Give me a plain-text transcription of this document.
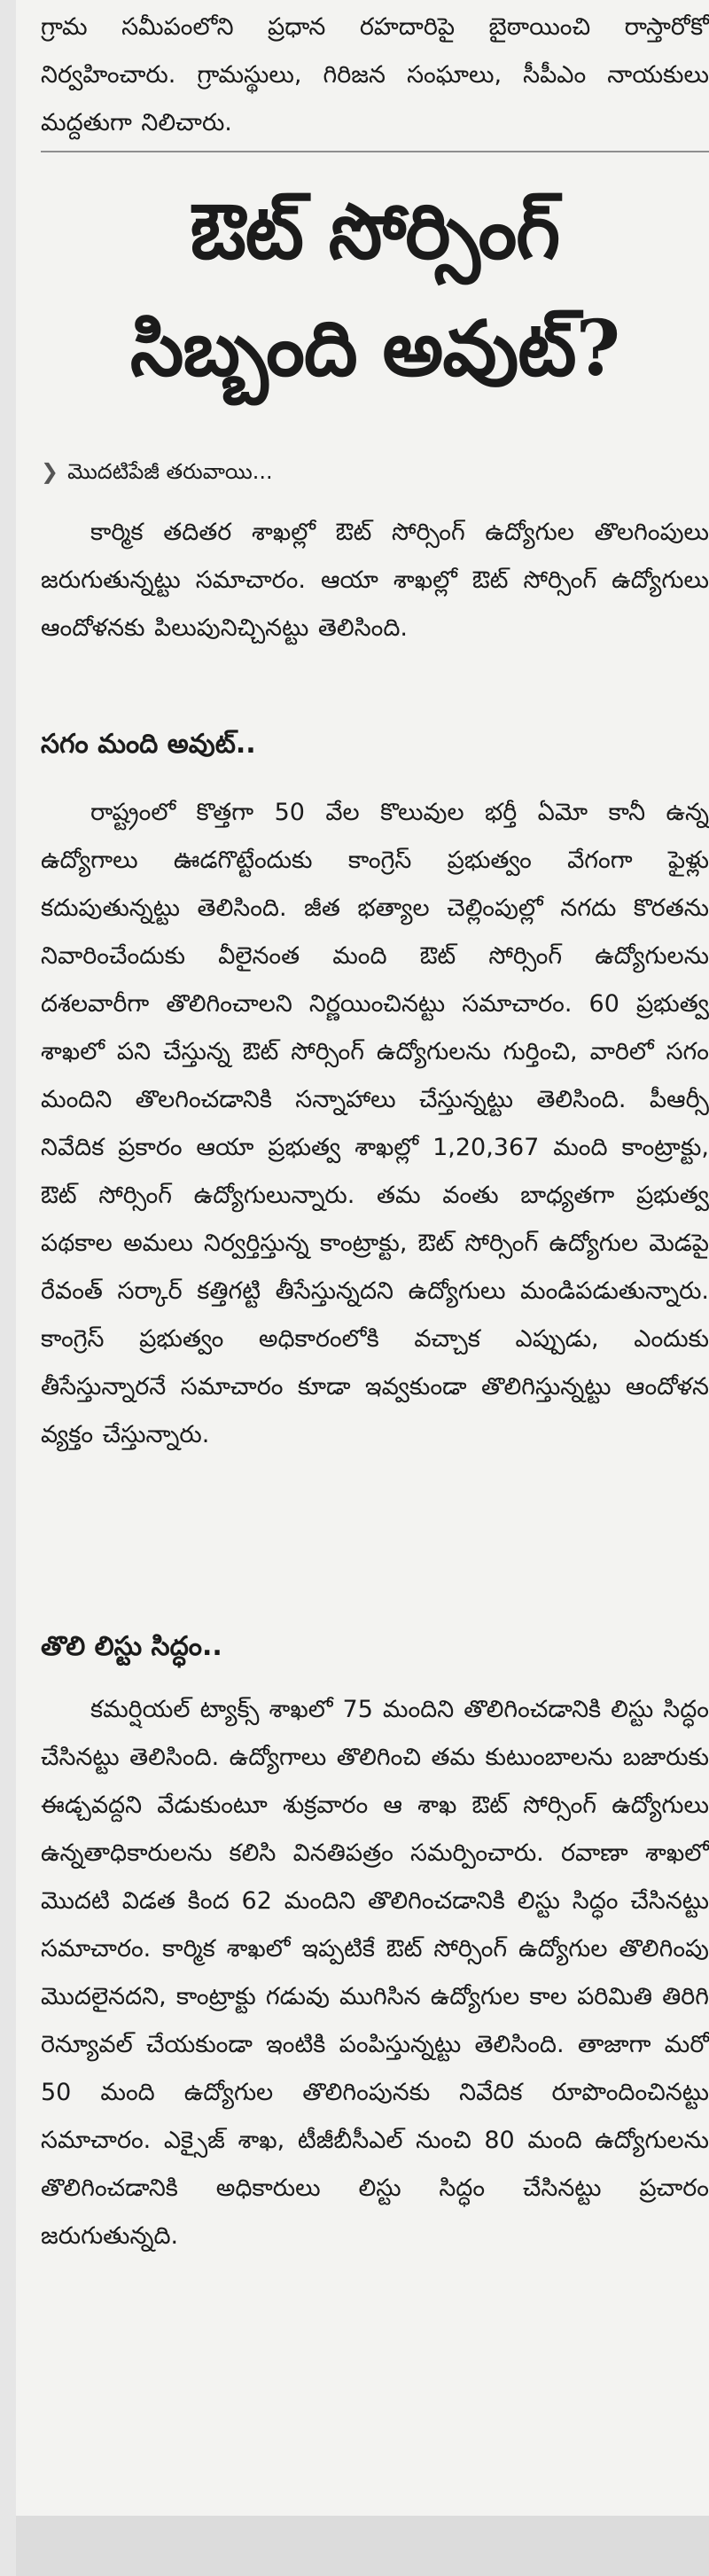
గ్రామ సమీపంలోని ప్రధాన రహదారిపై బైఠాయించి రాస్తారోకో నిర్వహించారు. గ్రామస్థులు, గిరిజన సంఘాలు, సీపీఎం నాయకులు మద్దతుగా నిలిచారు.
ఔట్ సోర్సింగ్
సిబ్బంది అవుట్?
❯ మొదటిపేజీ తరువాయి...
కార్మిక తదితర శాఖల్లో ఔట్ సోర్సింగ్ ఉద్యోగుల తొలగింపులు జరుగుతున్నట్టు సమాచారం. ఆయా శాఖల్లో ఔట్ సోర్సింగ్ ఉద్యోగులు ఆందోళనకు పిలుపునిచ్చినట్టు తెలిసింది.
సగం మంది అవుట్..
రాష్ట్రంలో కొత్తగా 50 వేల కొలువుల భర్తీ ఏమో కానీ ఉన్న ఉద్యోగాలు ఊడగొట్టేందుకు కాంగ్రెస్ ప్రభుత్వం వేగంగా ఫైళ్లు కదుపుతున్నట్టు తెలిసింది. జీత భత్యాల చెల్లింపుల్లో నగదు కొరతను నివారించేందుకు వీలైనంత మంది ఔట్ సోర్సింగ్ ఉద్యోగులను దశలవారీగా తొలిగించాలని నిర్ణయించినట్టు సమాచారం. 60 ప్రభుత్వ శాఖలో పని చేస్తున్న ఔట్ సోర్సింగ్ ఉద్యోగులను గుర్తించి, వారిలో సగం మందిని తొలగించడానికి సన్నాహాలు చేస్తున్నట్టు తెలిసింది. పీఆర్సీ నివేదిక ప్రకారం ఆయా ప్రభుత్వ శాఖల్లో 1,20,367 మంది కాంట్రాక్టు, ఔట్ సోర్సింగ్ ఉద్యోగులున్నారు. తమ వంతు బాధ్యతగా ప్రభుత్వ పథకాల అమలు నిర్వర్తిస్తున్న కాంట్రాక్టు, ఔట్ సోర్సింగ్ ఉద్యోగుల మెడపై రేవంత్ సర్కార్ కత్తిగట్టి తీసేస్తున్నదని ఉద్యోగులు మండిపడుతున్నారు. కాంగ్రెస్ ప్రభుత్వం అధికారంలోకి వచ్చాక ఎప్పుడు, ఎందుకు తీసేస్తున్నారనే సమాచారం కూడా ఇవ్వకుండా తొలిగిస్తున్నట్టు ఆందోళన వ్యక్తం చేస్తున్నారు.
తొలి లిస్టు సిద్ధం..
కమర్షియల్ ట్యాక్స్ శాఖలో 75 మందిని తొలిగించడానికి లిస్టు సిద్ధం చేసినట్టు తెలిసింది. ఉద్యోగాలు తొలిగించి తమ కుటుంబాలను బజారుకు ఈడ్చవద్దని వేడుకుంటూ శుక్రవారం ఆ శాఖ ఔట్ సోర్సింగ్ ఉద్యోగులు ఉన్నతాధికారులను కలిసి వినతిపత్రం సమర్పించారు. రవాణా శాఖలో మొదటి విడత కింద 62 మందిని తొలిగించడానికి లిస్టు సిద్ధం చేసినట్టు సమాచారం. కార్మిక శాఖలో ఇప్పటికే ఔట్ సోర్సింగ్ ఉద్యోగుల తొలిగింపు మొదలైనదని, కాంట్రాక్టు గడువు ముగిసిన ఉద్యోగుల కాల పరిమితి తిరిగి రెన్యూవల్ చేయకుండా ఇంటికి పంపిస్తున్నట్టు తెలిసింది. తాజాగా మరో 50 మంది ఉద్యోగుల తొలిగింపునకు నివేదిక రూపొందించినట్టు సమాచారం. ఎక్సైజ్ శాఖ, టీజీబీసీఎల్ నుంచి 80 మంది ఉద్యోగులను తొలిగించడానికి అధికారులు లిస్టు సిద్ధం చేసినట్టు ప్రచారం జరుగుతున్నది.
